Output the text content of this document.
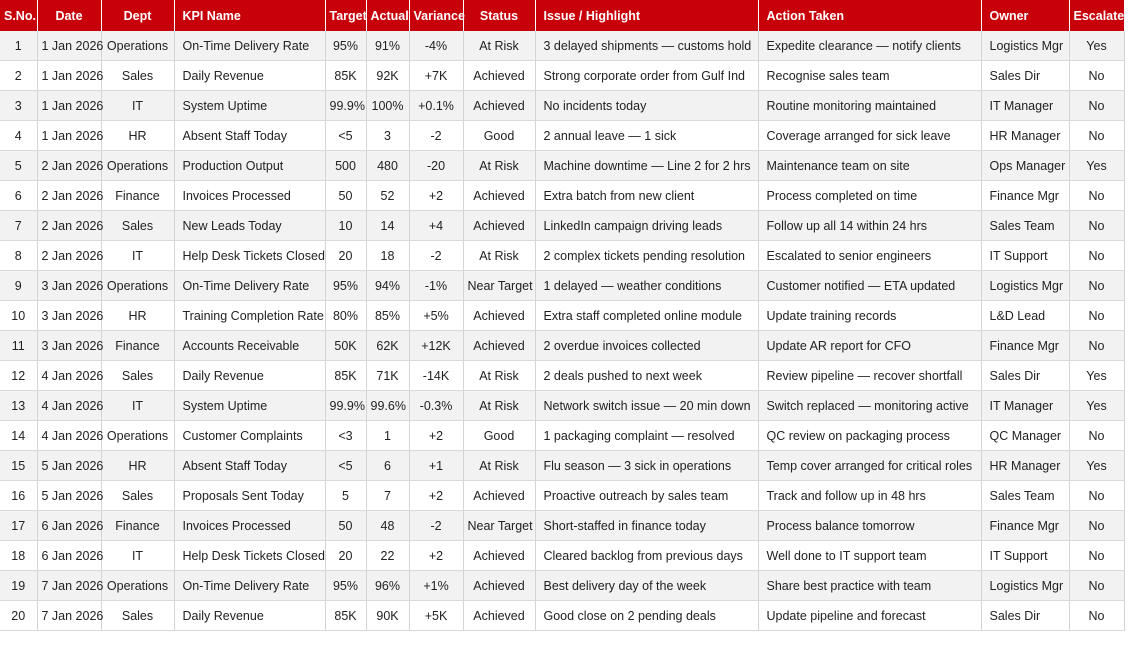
S.No.	Date	Dept	KPI Name	Target	Actual	Variance	Status	Issue / Highlight	Action Taken	Owner	Escalated
1	1 Jan 2026	Operations	On-Time Delivery Rate	95%	91%	-4%	At Risk	3 delayed shipments — customs hold	Expedite clearance — notify clients	Logistics Mgr	Yes
2	1 Jan 2026	Sales	Daily Revenue	85K	92K	+7K	Achieved	Strong corporate order from Gulf Ind	Recognise sales team	Sales Dir	No
3	1 Jan 2026	IT	System Uptime	99.9%	100%	+0.1%	Achieved	No incidents today	Routine monitoring maintained	IT Manager	No
4	1 Jan 2026	HR	Absent Staff Today	<5	3	-2	Good	2 annual leave — 1 sick	Coverage arranged for sick leave	HR Manager	No
5	2 Jan 2026	Operations	Production Output	500	480	-20	At Risk	Machine downtime — Line 2 for 2 hrs	Maintenance team on site	Ops Manager	Yes
6	2 Jan 2026	Finance	Invoices Processed	50	52	+2	Achieved	Extra batch from new client	Process completed on time	Finance Mgr	No
7	2 Jan 2026	Sales	New Leads Today	10	14	+4	Achieved	LinkedIn campaign driving leads	Follow up all 14 within 24 hrs	Sales Team	No
8	2 Jan 2026	IT	Help Desk Tickets Closed	20	18	-2	At Risk	2 complex tickets pending resolution	Escalated to senior engineers	IT Support	No
9	3 Jan 2026	Operations	On-Time Delivery Rate	95%	94%	-1%	Near Target	1 delayed — weather conditions	Customer notified — ETA updated	Logistics Mgr	No
10	3 Jan 2026	HR	Training Completion Rate	80%	85%	+5%	Achieved	Extra staff completed online module	Update training records	L&D Lead	No
11	3 Jan 2026	Finance	Accounts Receivable	50K	62K	+12K	Achieved	2 overdue invoices collected	Update AR report for CFO	Finance Mgr	No
12	4 Jan 2026	Sales	Daily Revenue	85K	71K	-14K	At Risk	2 deals pushed to next week	Review pipeline — recover shortfall	Sales Dir	Yes
13	4 Jan 2026	IT	System Uptime	99.9%	99.6%	-0.3%	At Risk	Network switch issue — 20 min down	Switch replaced — monitoring active	IT Manager	Yes
14	4 Jan 2026	Operations	Customer Complaints	<3	1	+2	Good	1 packaging complaint — resolved	QC review on packaging process	QC Manager	No
15	5 Jan 2026	HR	Absent Staff Today	<5	6	+1	At Risk	Flu season — 3 sick in operations	Temp cover arranged for critical roles	HR Manager	Yes
16	5 Jan 2026	Sales	Proposals Sent Today	5	7	+2	Achieved	Proactive outreach by sales team	Track and follow up in 48 hrs	Sales Team	No
17	6 Jan 2026	Finance	Invoices Processed	50	48	-2	Near Target	Short-staffed in finance today	Process balance tomorrow	Finance Mgr	No
18	6 Jan 2026	IT	Help Desk Tickets Closed	20	22	+2	Achieved	Cleared backlog from previous days	Well done to IT support team	IT Support	No
19	7 Jan 2026	Operations	On-Time Delivery Rate	95%	96%	+1%	Achieved	Best delivery day of the week	Share best practice with team	Logistics Mgr	No
20	7 Jan 2026	Sales	Daily Revenue	85K	90K	+5K	Achieved	Good close on 2 pending deals	Update pipeline and forecast	Sales Dir	No
